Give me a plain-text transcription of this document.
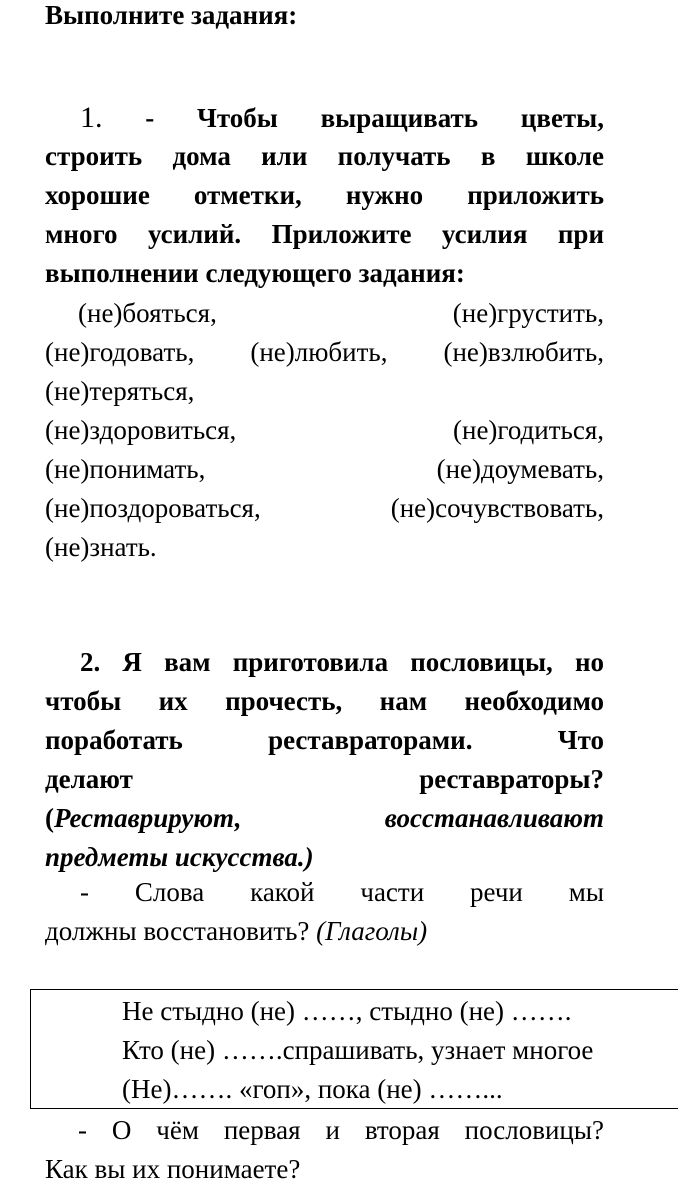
Выполните задания:
1. - Чтобы выращивать цветы,
строить дома или получать в школе
хорошие отметки, нужно приложить
много усилий. Приложите усилия при
выполнении следующего задания:
(не)бояться,	(не)грустить,
(не)годовать, (не)любить, (не)взлюбить,
(не)теряться,
(не)здоровиться,	(не)годиться,
(не)понимать,	(не)доумевать,
(не)поздороваться,	(не)сочувствовать,
(не)знать.
2. Я вам приготовила пословицы, но
чтобы их прочесть, нам необходимо
поработать реставраторами. Что
делают реставраторы?
(Реставрируют, восстанавливают
предметы искусства.)
- Слова какой части речи мы
должны восстановить? (Глаголы)
Не стыдно (не) ……, стыдно (не) …….
Кто (не) …….спрашивать, узнает многое
(Не)……. «гоп», пока (не) ……...
- О чём первая и вторая пословицы?
Как вы их понимаете?
